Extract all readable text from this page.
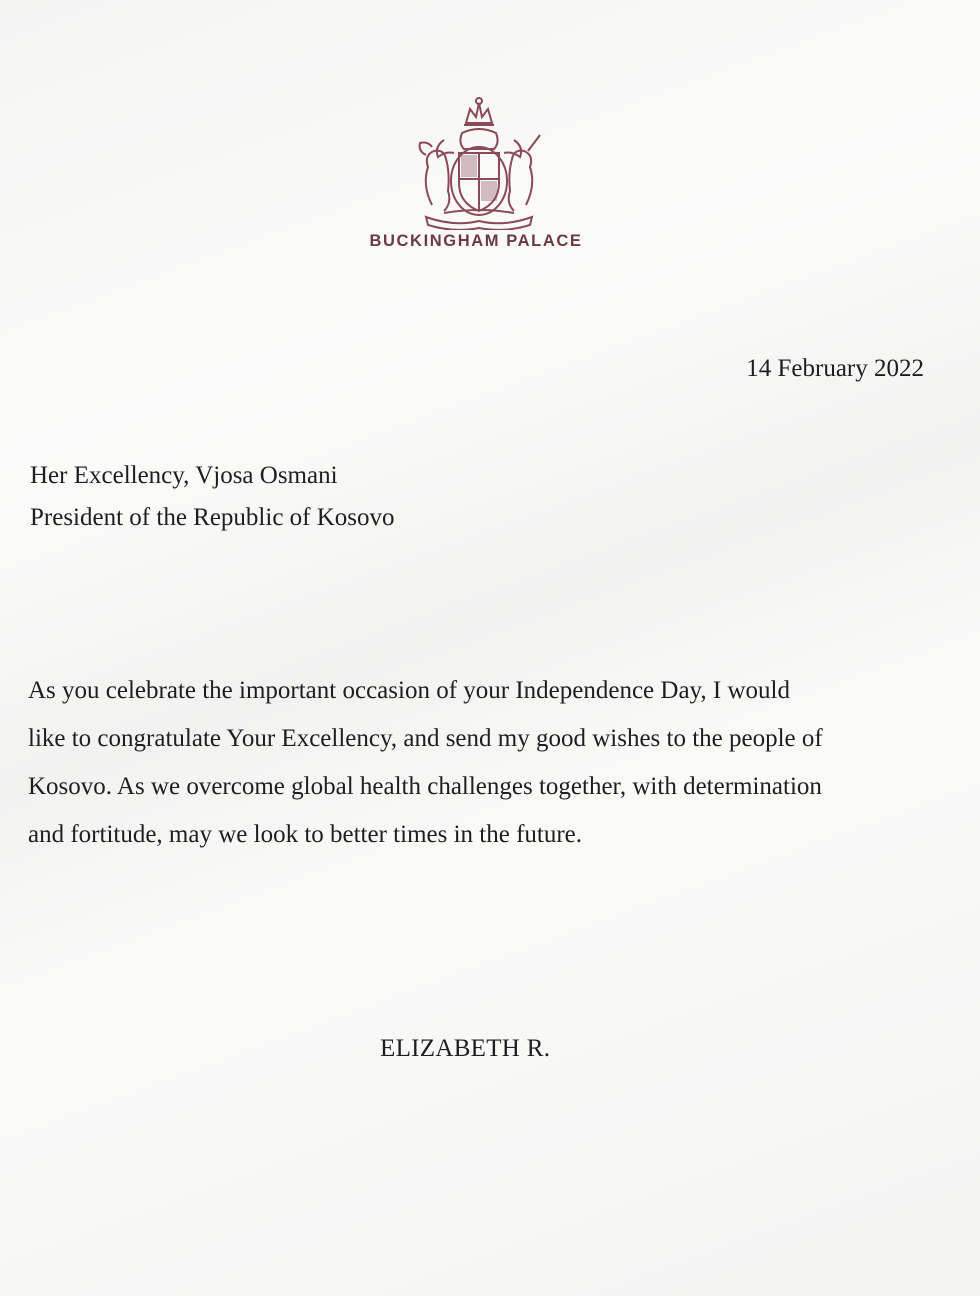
BUCKINGHAM PALACE
14 February 2022
Her Excellency, Vjosa Osmani
President of the Republic of Kosovo
As you celebrate the important occasion of your Independence Day, I would
like to congratulate Your Excellency, and send my good wishes to the people of
Kosovo. As we overcome global health challenges together, with determination
and fortitude, may we look to better times in the future.
ELIZABETH R.
